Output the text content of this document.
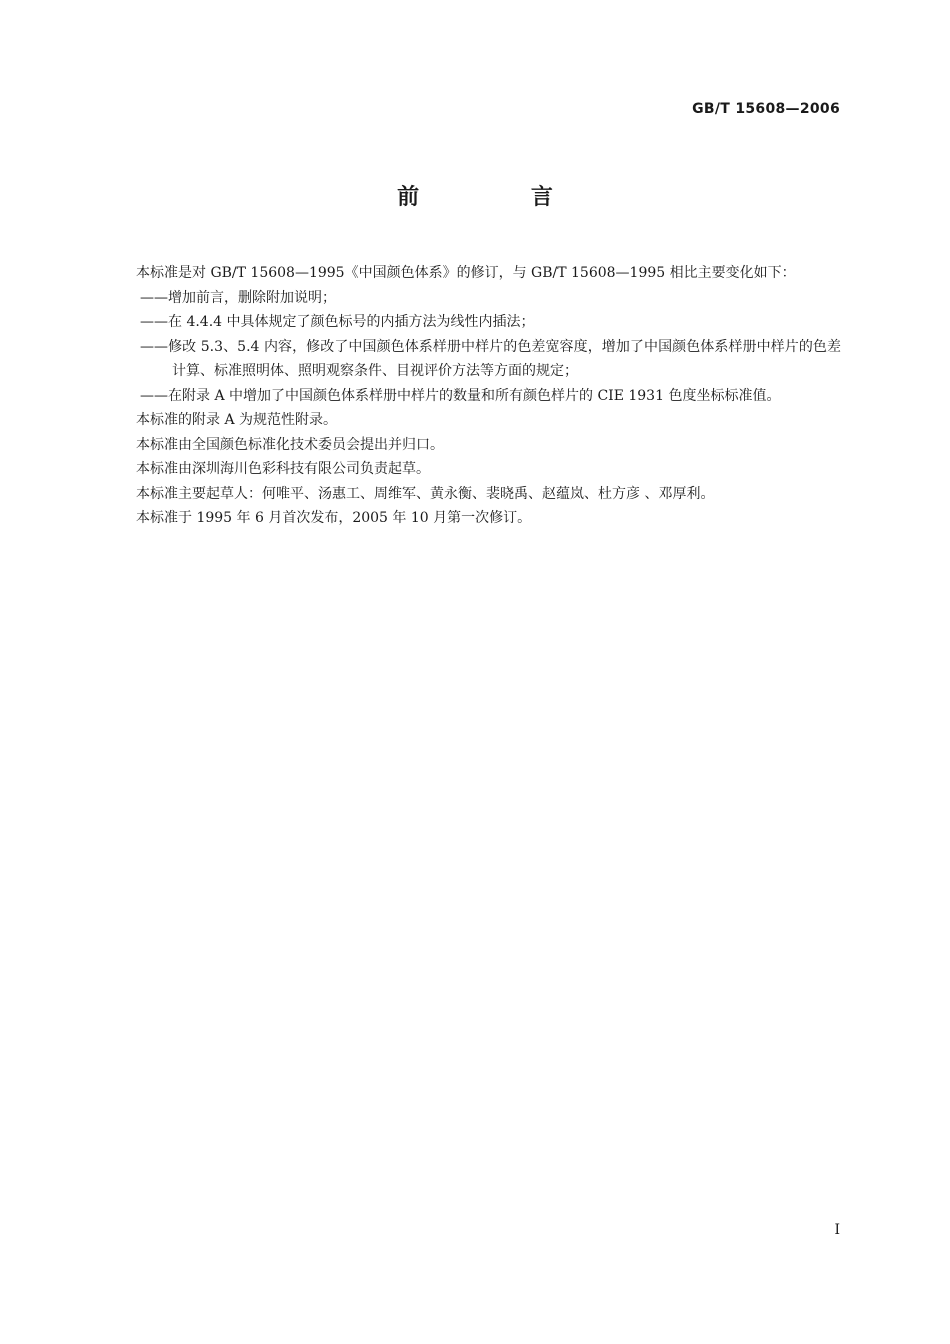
GB/T 15608—2006
前 言

本标准是对 GB/T 15608—1995《中国颜色体系》的修订，与 GB/T 15608—1995 相比主要变化如下：

——增加前言，删除附加说明；

——在 4.4.4 中具体规定了颜色标号的内插方法为线性内插法；

——修改 5.3、5.4 内容，修改了中国颜色体系样册中样片的色差宽容度，增加了中国颜色体系样册中样片的色差计算、标准照明体、照明观察条件、目视评价方法等方面的规定；

——在附录 A 中增加了中国颜色体系样册中样片的数量和所有颜色样片的 CIE 1931 色度坐标标准值。

本标准的附录 A 为规范性附录。

本标准由全国颜色标准化技术委员会提出并归口。

本标准由深圳海川色彩科技有限公司负责起草。

本标准主要起草人：何唯平、汤惠工、周维军、黄永衡、裴晓禹、赵蕴岚、杜方彦 、邓厚利。

本标准于 1995 年 6 月首次发布，2005 年 10 月第一次修订。

I
